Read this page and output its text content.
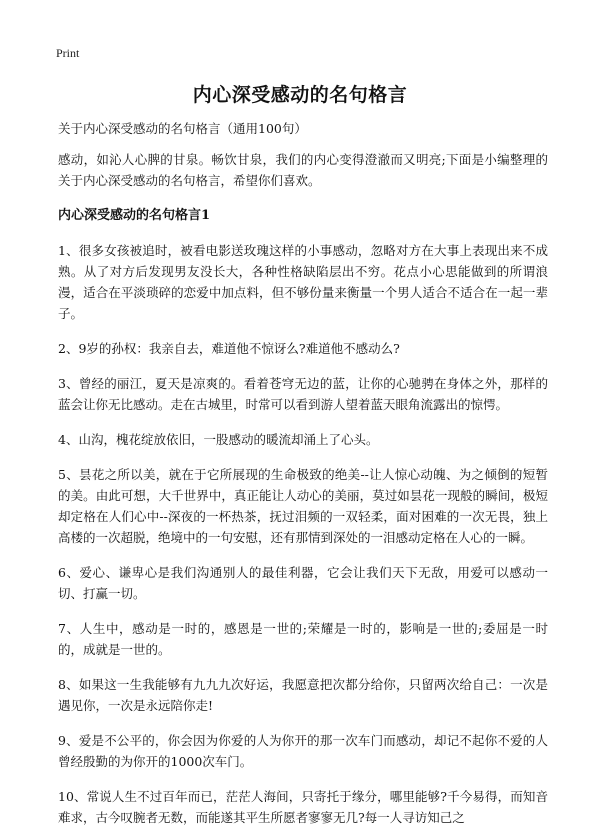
Print
内心深受感动的名句格言

关于内心深受感动的名句格言（通用100句）

感动，如沁人心脾的甘泉。畅饮甘泉，我们的内心变得澄澈而又明亮;下面是小编整理的关于内心深受感动的名句格言，希望你们喜欢。

内心深受感动的名句格言1

1、很多女孩被追时，被看电影送玫瑰这样的小事感动，忽略对方在大事上表现出来不成熟。从了对方后发现男友没长大，各种性格缺陷层出不穷。花点小心思能做到的所谓浪漫，适合在平淡琐碎的恋爱中加点料，但不够份量来衡量一个男人适合不适合在一起一辈子。

2、9岁的孙权：我亲自去，难道他不惊讶么?难道他不感动么?

3、曾经的丽江，夏天是凉爽的。看着苍穹无边的蓝，让你的心驰骋在身体之外，那样的蓝会让你无比感动。走在古城里，时常可以看到游人望着蓝天眼角流露出的惊愕。

4、山沟，槐花绽放依旧，一股感动的暖流却涌上了心头。

5、昙花之所以美，就在于它所展现的生命极致的绝美--让人惊心动魄、为之倾倒的短暂的美。由此可想，大千世界中，真正能让人动心的美丽，莫过如昙花一现般的瞬间，极短却定格在人们心中--深夜的一杯热茶，抚过泪频的一双轻柔，面对困难的一次无畏，独上高楼的一次超脱，绝境中的一句安慰，还有那情到深处的一泪感动定格在人心的一瞬。

6、爱心、谦卑心是我们沟通别人的最佳利器，它会让我们天下无敌，用爱可以感动一切、打赢一切。

7、人生中，感动是一时的，感恩是一世的;荣耀是一时的，影响是一世的;委屈是一时的，成就是一世的。

8、如果这一生我能够有九九九次好运，我愿意把次都分给你，只留两次给自己：一次是遇见你，一次是永远陪你走!

9、爱是不公平的，你会因为你爱的人为你开的那一次车门而感动，却记不起你不爱的人曾经殷勤的为你开的1000次车门。

10、常说人生不过百年而已，茫茫人海间，只寄托于缘分，哪里能够?千今易得，而知音难求，古今叹腕者无数，而能遂其平生所愿者寥寥无几?每一人寻访知己之
